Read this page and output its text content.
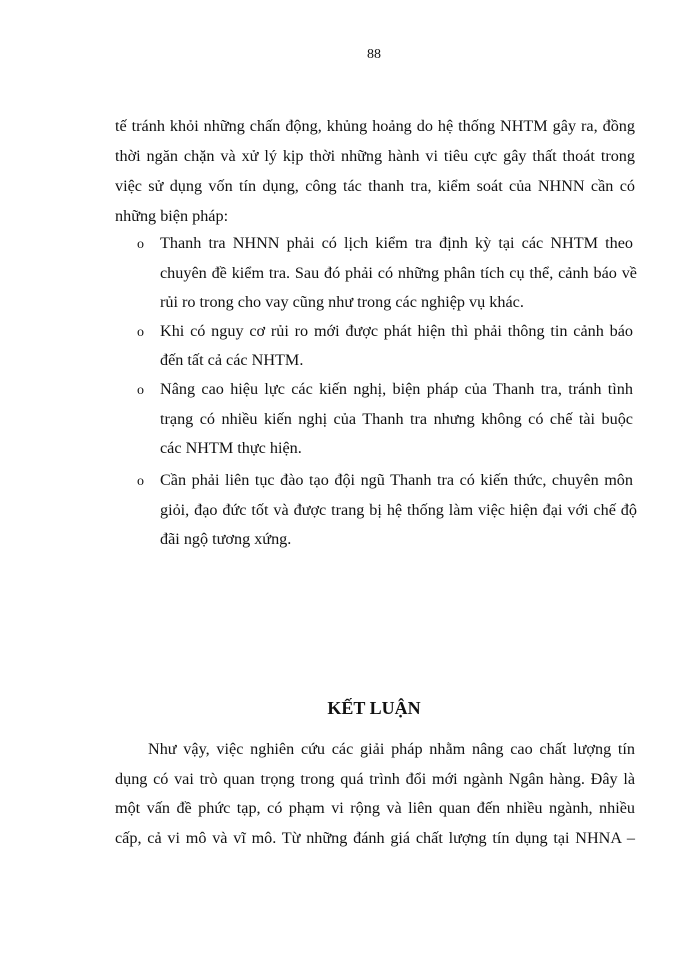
88
tế tránh khỏi những chấn động, khủng hoảng do hệ thống NHTM gây ra, đồng
thời ngăn chặn và xử lý kịp thời những hành vi tiêu cực gây thất thoát trong
việc sử dụng vốn tín dụng, công tác thanh tra, kiểm soát của NHNN cần có
những biện pháp:
o Thanh tra NHNN phải có lịch kiểm tra định kỳ tại các NHTM theo
chuyên đề kiểm tra. Sau đó phải có những phân tích cụ thể, cảnh báo về
rủi ro trong cho vay cũng như trong các nghiệp vụ khác.
o Khi có nguy cơ rủi ro mới được phát hiện thì phải thông tin cảnh báo
đến tất cả các NHTM.
o Nâng cao hiệu lực các kiến nghị, biện pháp của Thanh tra, tránh tình
trạng có nhiều kiến nghị của Thanh tra nhưng không có chế tài buộc
các NHTM thực hiện.
o Cần phải liên tục đào tạo đội ngũ Thanh tra có kiến thức, chuyên môn
giỏi, đạo đức tốt và được trang bị hệ thống làm việc hiện đại với chế độ
đãi ngộ tương xứng.
KẾT LUẬN
Như vậy, việc nghiên cứu các giải pháp nhằm nâng cao chất lượng tín
dụng có vai trò quan trọng trong quá trình đổi mới ngành Ngân hàng. Đây là
một vấn đề phức tạp, có phạm vi rộng và liên quan đến nhiều ngành, nhiều
cấp, cả vi mô và vĩ mô. Từ những đánh giá chất lượng tín dụng tại NHNA –
